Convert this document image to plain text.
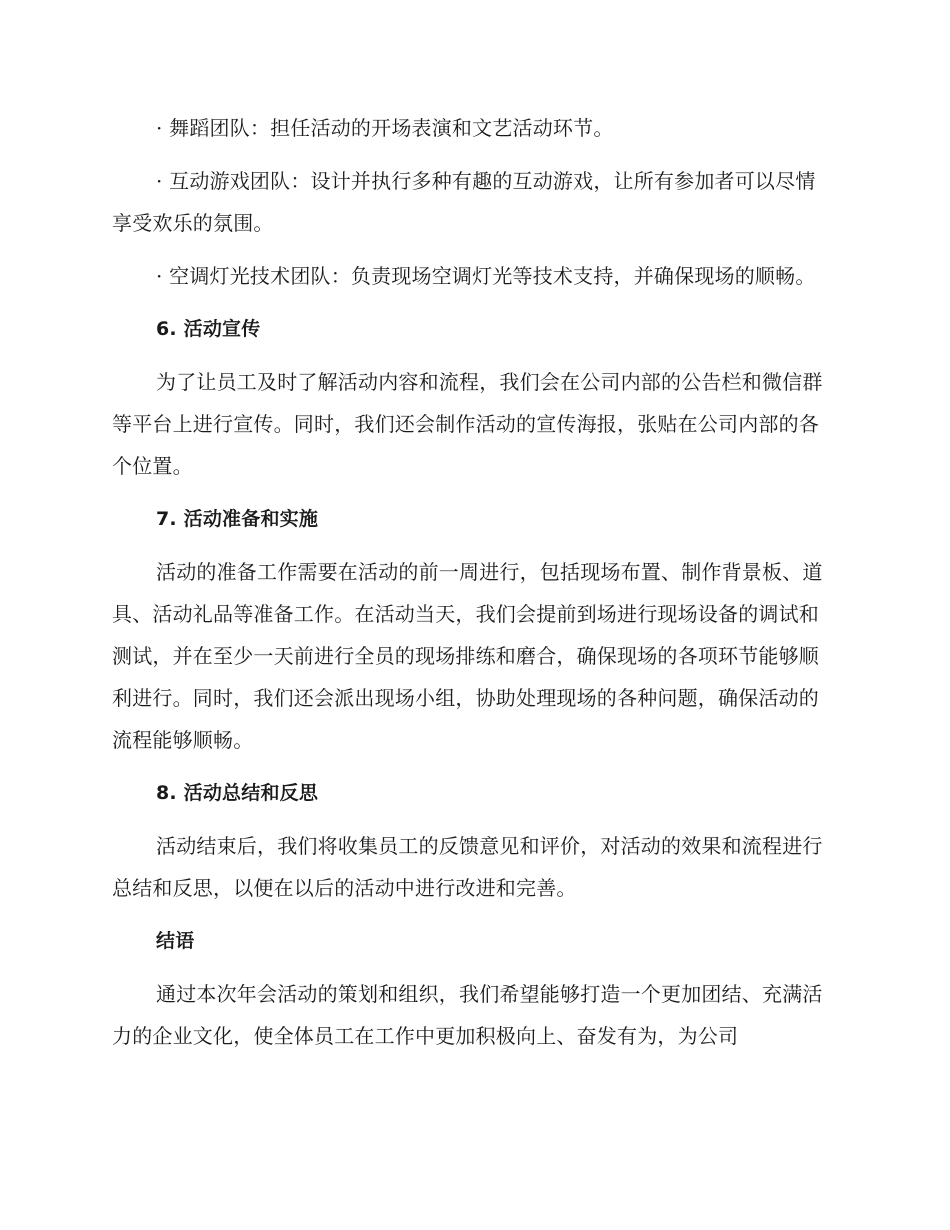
· 舞蹈团队：担任活动的开场表演和文艺活动环节。

· 互动游戏团队：设计并执行多种有趣的互动游戏，让所有参加者可以尽情享受欢乐的氛围。

· 空调灯光技术团队：负责现场空调灯光等技术支持，并确保现场的顺畅。

6. 活动宣传

为了让员工及时了解活动内容和流程，我们会在公司内部的公告栏和微信群等平台上进行宣传。同时，我们还会制作活动的宣传海报，张贴在公司内部的各个位置。

7. 活动准备和实施

活动的准备工作需要在活动的前一周进行，包括现场布置、制作背景板、道具、活动礼品等准备工作。在活动当天，我们会提前到场进行现场设备的调试和测试，并在至少一天前进行全员的现场排练和磨合，确保现场的各项环节能够顺利进行。同时，我们还会派出现场小组，协助处理现场的各种问题，确保活动的流程能够顺畅。

8. 活动总结和反思

活动结束后，我们将收集员工的反馈意见和评价，对活动的效果和流程进行总结和反思，以便在以后的活动中进行改进和完善。

结语

通过本次年会活动的策划和组织，我们希望能够打造一个更加团结、充满活力的企业文化，使全体员工在工作中更加积极向上、奋发有为，为公司
